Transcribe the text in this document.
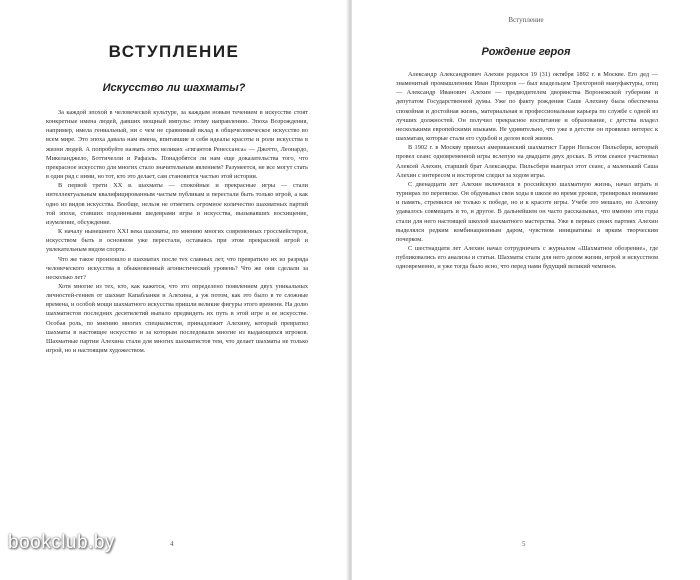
ВСТУПЛЕНИЕ
Искусство ли шахматы?

За каждой эпохой в человеческой культуре, за каждым новым течением в искусстве стоят конкретные имена людей, давших мощный импульс этому направлению. Эпоха Возрождения, например, имела гениальный, ни с чем не сравнимый вклад в общечеловеческое искусство во всем мире. Это эпоха давала нам имена, впитавшие в себя идеалы красоты и роли искусства в жизни людей. А попробуйте назвать этих великих «гигантов Ренессанса» — Джотто, Леонардо, Микеланджело, Боттичелли и Рафаэль. Понадобятся ли нам еще доказательства того, что прекрасное искусство для многих стало значительным явлением? Разумеется, не все могут стать в один ряд с ними, но тот, кто это делает, сам становится частью этой истории.

В первой трети XX в. шахматы — спокойные и прекрасные игры — стали интеллектуальным квалифицированным частым публикам и перестали быть только игрой, а как одно из видов искусства. Вообще, нельзя не отметить огромное количество шахматных партий той эпохи, ставших подлинными шедеврами игры и искусства, вызывавших восхищение, изумление, обсуждение.

К началу нынешнего XXI века шахматы, по мнению многих современных гроссмейстеров, искусством быть в основном уже перестали, оставаясь при этом прекрасной игрой и увлекательным видом спорта.

Что же такое произошло в шахматах после тех славных лет, что превратило их из разряда человеческого искусства в обыкновенный агонистический уровень? Что же они сделали за несколько лет?

Хотя многие из тех, кто, как кажется, что это определено появлением двух уникальных личностей-гениев от шахмат Капабланки и Алехина, а уж потом, как это было в те сложные времена, и особой мощи шахматного искусства пришли великие фигуры этого времени. На долю шахматистов последних десятилетий выпало предвидеть их путь в этой игре и ее искусстве. Особая роль, по мнению многих специалистов, принадлежит Алехину, который превратил шахматы в настоящее искусство и за которым последовали многие из выдающихся игроков. Шахматные партии Алехина стали для многих шахматистов тем, что делает шахматы не только игрой, но и настоящим художеством.

4
Вступление
Рождение героя

Александр Александрович Алехин родился 19 (31) октября 1892 г. в Москве. Его дед — знаменитый промышленник Иван Прохоров — был владельцем Трехгорной мануфактуры, отец — Александр Иванович Алехин — предводителем дворянства Воронежской губернии и депутатом Государственной думы. Уже по факту рождения Саше Алехину была обеспечена спокойная и достойная жизнь, материальная и профессиональная карьера по службе с одной из лучших должностей. Он получил прекрасное воспитание и образование, с детства владел несколькими европейскими языками. Не удивительно, что уже в детстве он проявлял интерес к шахматам, которые стали его судьбой и делом всей жизни.

В 1902 г. в Москву приехал американский шахматист Гарри Нельсон Пильсбери, который провел сеанс одновременной игры вслепую на двадцати двух досках. В этом сеансе участвовал Алексей Алехин, старший брат Александра. Пильсбери выиграл этот сеанс, а маленький Саша Алехин с интересом и восторгом следил за ходом игры.

С двенадцати лет Алехин включился в российскую шахматную жизнь, начал играть в турнирах по переписке. Он обдумывал свои ходы в школе во время уроков, тренировал внимание и память, стремился не только к победе, но и к красоте игры. Учебе это мешало, но Алехину удавалось совмещать и то, и другое. В дальнейшем он часто рассказывал, что именно эти годы стали для него настоящей школой шахматного мастерства. Уже в первых своих партиях Алехин выделялся редким комбинационным даром, чувством инициативы и ярким творческим почерком.

С шестнадцати лет Алехин начал сотрудничать с журналом «Шахматное обозрение», где публиковались его анализы и статьи. Шахматы стали для него делом жизни, игрой и искусством одновременно, и уже тогда было ясно, что перед нами будущий великий чемпион.

5
bookclub.by
